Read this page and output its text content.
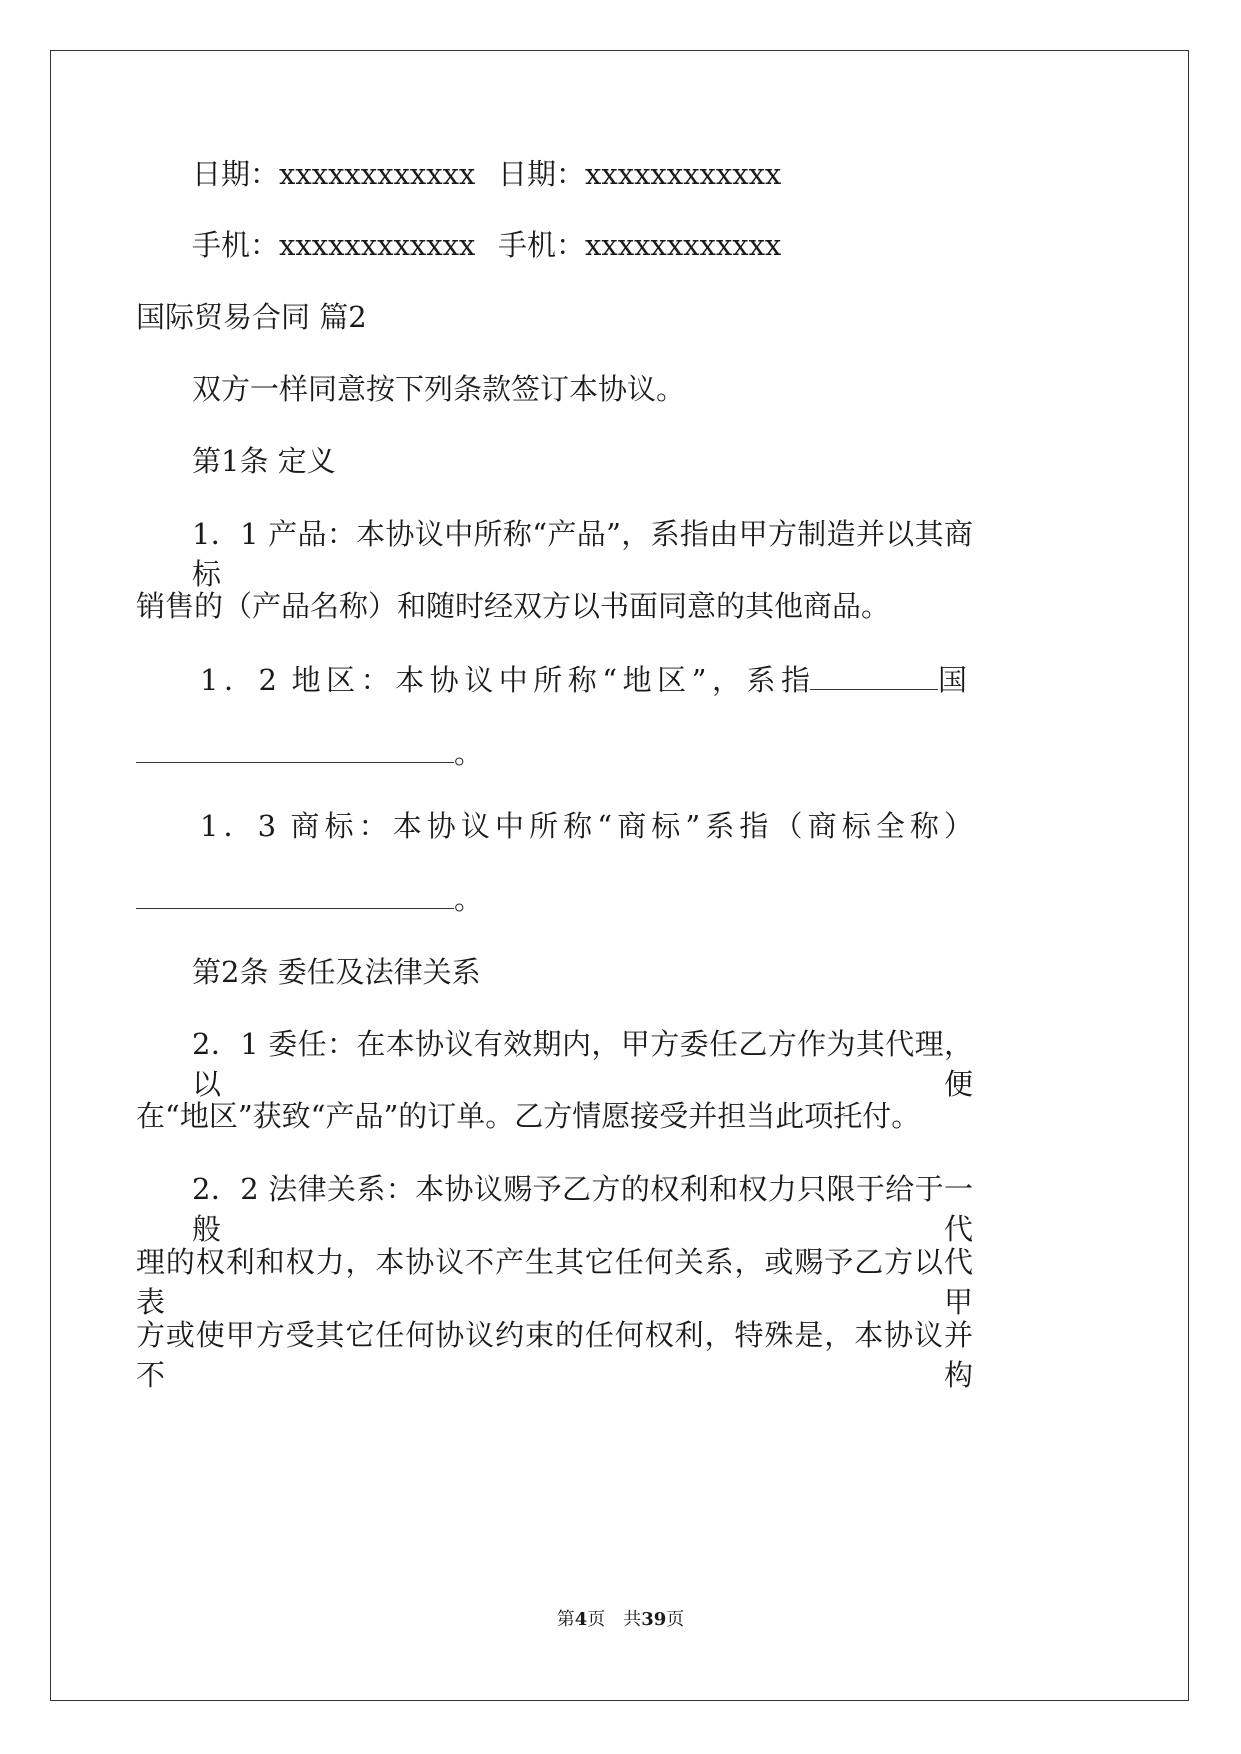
日期：xxxxxxxxxxxx 日期：xxxxxxxxxxxx
手机：xxxxxxxxxxxx 手机：xxxxxxxxxxxx
国际贸易合同 篇2
双方一样同意按下列条款签订本协议。
第1条 定义
1．1 产品：本协议中所称“产品”，系指由甲方制造并以其商标
销售的（产品名称）和随时经双方以书面同意的其他商品。
1．2 地区：本协议中所称“地区”，系指	国
。
1．3 商标：本协议中所称“商标”系指（商标全称）
。
第2条 委任及法律关系
2．1 委任：在本协议有效期内，甲方委任乙方作为其代理，以便
在“地区”获致“产品”的订单。乙方情愿接受并担当此项托付。
2．2 法律关系：本协议赐予乙方的权利和权力只限于给于一般代
理的权利和权力，本协议不产生其它任何关系，或赐予乙方以代表甲
方或使甲方受其它任何协议约束的任何权利，特殊是，本协议并不构
第4页　共39页
